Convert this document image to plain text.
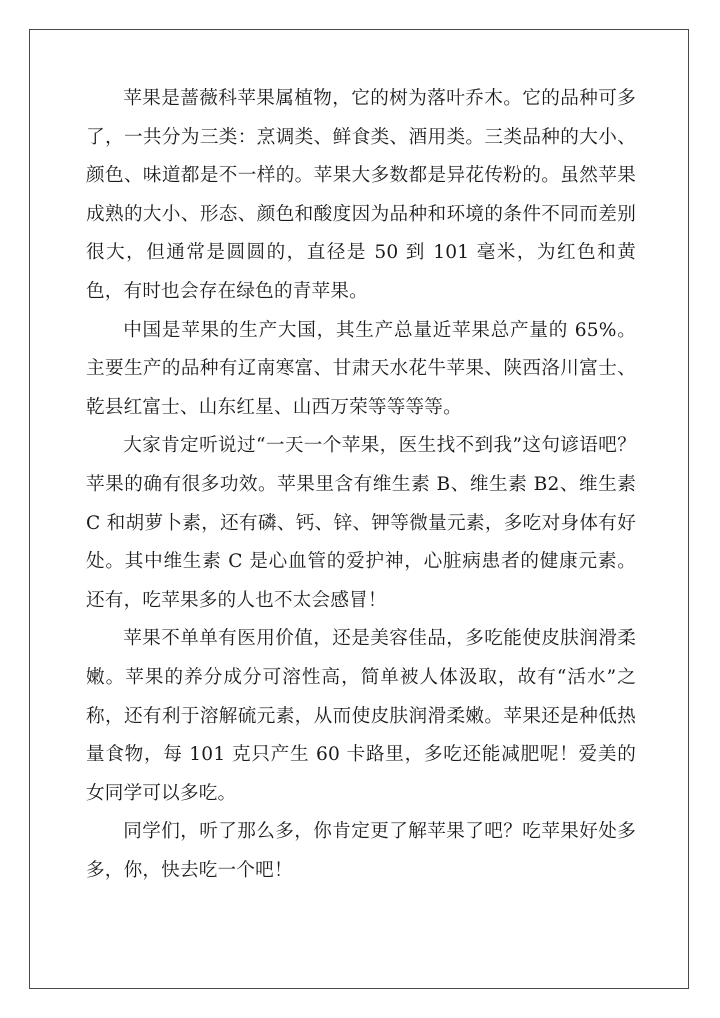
苹果是蔷薇科苹果属植物，它的树为落叶乔木。它的品种可多了，一共分为三类：烹调类、鲜食类、酒用类。三类品种的大小、颜色、味道都是不一样的。苹果大多数都是异花传粉的。虽然苹果成熟的大小、形态、颜色和酸度因为品种和环境的条件不同而差别很大，但通常是圆圆的，直径是 50 到 101 毫米，为红色和黄色，有时也会存在绿色的青苹果。

中国是苹果的生产大国，其生产总量近苹果总产量的 65%。主要生产的品种有辽南寒富、甘肃天水花牛苹果、陕西洛川富士、乾县红富士、山东红星、山西万荣等等等等。

大家肯定听说过“一天一个苹果，医生找不到我”这句谚语吧？苹果的确有很多功效。苹果里含有维生素 B、维生素 B2、维生素 C 和胡萝卜素，还有磷、钙、锌、钾等微量元素，多吃对身体有好处。其中维生素 C 是心血管的爱护神，心脏病患者的健康元素。还有，吃苹果多的人也不太会感冒！

苹果不单单有医用价值，还是美容佳品，多吃能使皮肤润滑柔嫩。苹果的养分成分可溶性高，简单被人体汲取，故有“活水”之称，还有利于溶解硫元素，从而使皮肤润滑柔嫩。苹果还是种低热量食物，每 101 克只产生 60 卡路里，多吃还能减肥呢！爱美的女同学可以多吃。

同学们，听了那么多，你肯定更了解苹果了吧？吃苹果好处多多，你，快去吃一个吧！
